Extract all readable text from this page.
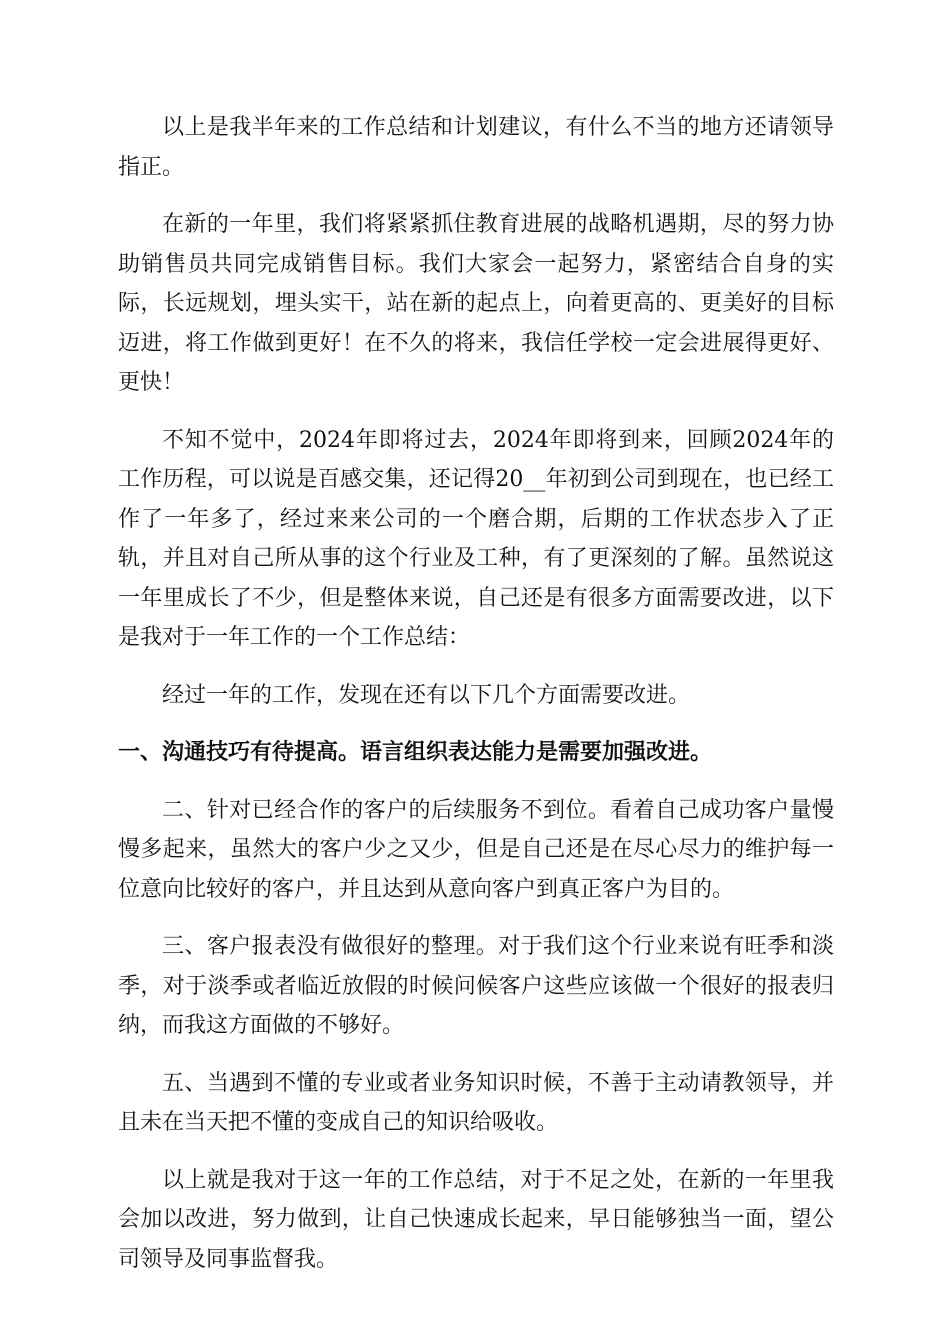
以上是我半年来的工作总结和计划建议，有什么不当的地方还请领导指正。

在新的一年里，我们将紧紧抓住教育进展的战略机遇期，尽的努力协助销售员共同完成销售目标。我们大家会一起努力，紧密结合自身的实际，长远规划，埋头实干，站在新的起点上，向着更高的、更美好的目标迈进，将工作做到更好！在不久的将来，我信任学校一定会进展得更好、更快！

不知不觉中，2024年即将过去，2024年即将到来，回顾2024年的工作历程，可以说是百感交集，还记得20__年初到公司到现在，也已经工作了一年多了，经过来来公司的一个磨合期，后期的工作状态步入了正轨，并且对自己所从事的这个行业及工种，有了更深刻的了解。虽然说这一年里成长了不少，但是整体来说，自己还是有很多方面需要改进，以下是我对于一年工作的一个工作总结：

经过一年的工作，发现在还有以下几个方面需要改进。

一、沟通技巧有待提高。语言组织表达能力是需要加强改进。

二、针对已经合作的客户的后续服务不到位。看着自己成功客户量慢慢多起来，虽然大的客户少之又少，但是自己还是在尽心尽力的维护每一位意向比较好的客户，并且达到从意向客户到真正客户为目的。

三、客户报表没有做很好的整理。对于我们这个行业来说有旺季和淡季，对于淡季或者临近放假的时候问候客户这些应该做一个很好的报表归纳，而我这方面做的不够好。

五、当遇到不懂的专业或者业务知识时候，不善于主动请教领导，并且未在当天把不懂的变成自己的知识给吸收。

以上就是我对于这一年的工作总结，对于不足之处，在新的一年里我会加以改进，努力做到，让自己快速成长起来，早日能够独当一面，望公司领导及同事监督我。
